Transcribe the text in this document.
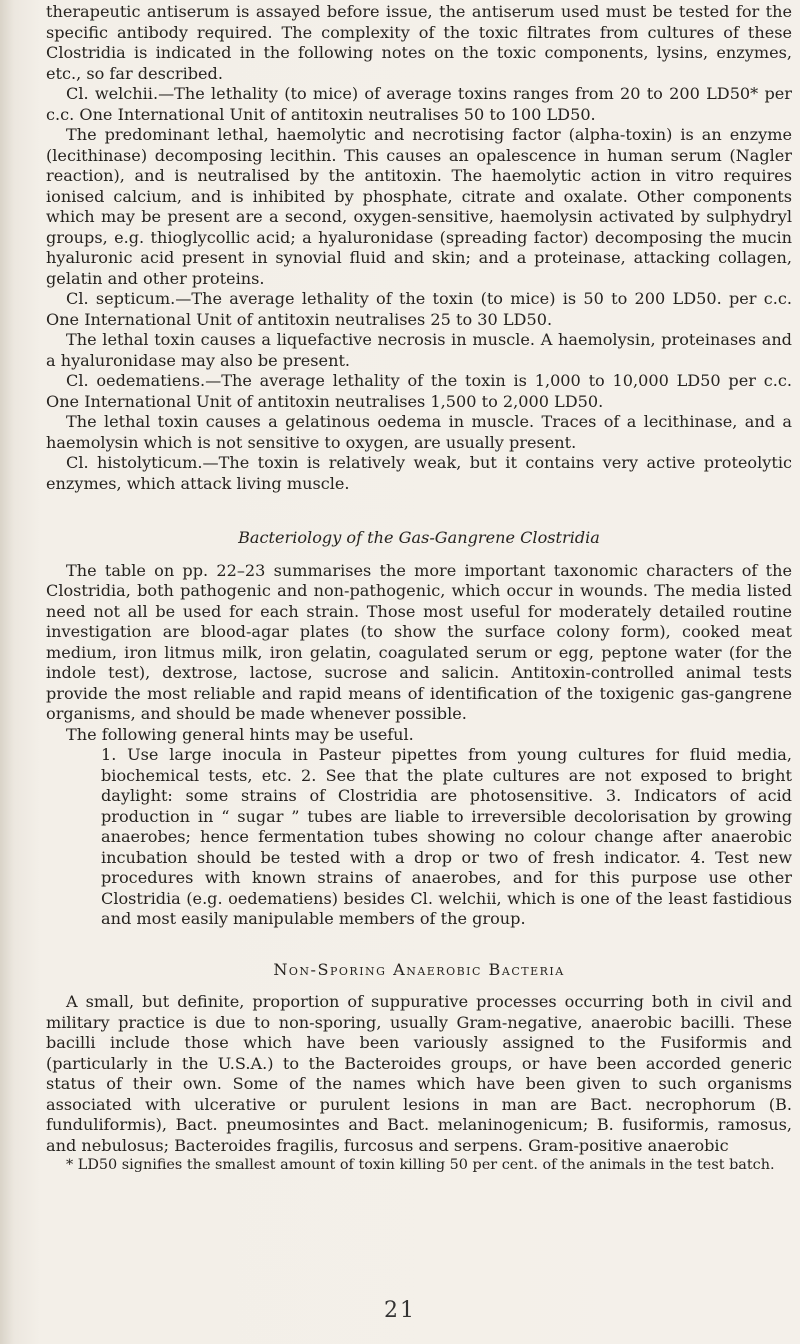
therapeutic antiserum is assayed before issue, the antiserum used must be tested for the specific antibody required. The complexity of the toxic filtrates from cultures of these Clostridia is indicated in the following notes on the toxic components, lysins, enzymes, etc., so far described.

Cl. welchii.—The lethality (to mice) of average toxins ranges from 20 to 200 LD50* per c.c. One International Unit of antitoxin neutralises 50 to 100 LD50.

The predominant lethal, haemolytic and necrotising factor (alpha-toxin) is an enzyme (lecithinase) decomposing lecithin. This causes an opalescence in human serum (Nagler reaction), and is neutralised by the antitoxin. The haemolytic action in vitro requires ionised calcium, and is inhibited by phosphate, citrate and oxalate. Other components which may be present are a second, oxygen-sensitive, haemolysin activated by sulphydryl groups, e.g. thioglycollic acid; a hyaluronidase (spreading factor) decomposing the mucin hyaluronic acid present in synovial fluid and skin; and a proteinase, attacking collagen, gelatin and other proteins.

Cl. septicum.—The average lethality of the toxin (to mice) is 50 to 200 LD50. per c.c. One International Unit of antitoxin neutralises 25 to 30 LD50.

The lethal toxin causes a liquefactive necrosis in muscle. A haemolysin, proteinases and a hyaluronidase may also be present.

Cl. oedematiens.—The average lethality of the toxin is 1,000 to 10,000 LD50 per c.c. One International Unit of antitoxin neutralises 1,500 to 2,000 LD50.

The lethal toxin causes a gelatinous oedema in muscle. Traces of a lecithinase, and a haemolysin which is not sensitive to oxygen, are usually present.

Cl. histolyticum.—The toxin is relatively weak, but it contains very active proteolytic enzymes, which attack living muscle.

Bacteriology of the Gas-Gangrene Clostridia

The table on pp. 22–23 summarises the more important taxonomic characters of the Clostridia, both pathogenic and non-pathogenic, which occur in wounds. The media listed need not all be used for each strain. Those most useful for moderately detailed routine investigation are blood-agar plates (to show the surface colony form), cooked meat medium, iron litmus milk, iron gelatin, coagulated serum or egg, peptone water (for the indole test), dextrose, lactose, sucrose and salicin. Antitoxin-controlled animal tests provide the most reliable and rapid means of identification of the toxigenic gas-gangrene organisms, and should be made whenever possible.

The following general hints may be useful.

1. Use large inocula in Pasteur pipettes from young cultures for fluid media, biochemical tests, etc. 2. See that the plate cultures are not exposed to bright daylight: some strains of Clostridia are photosensitive. 3. Indicators of acid production in “ sugar ” tubes are liable to irreversible decolorisation by growing anaerobes; hence fermentation tubes showing no colour change after anaerobic incubation should be tested with a drop or two of fresh indicator. 4. Test new procedures with known strains of anaerobes, and for this purpose use other Clostridia (e.g. oedematiens) besides Cl. welchii, which is one of the least fastidious and most easily manipulable members of the group.

Non-Sporing Anaerobic Bacteria

A small, but definite, proportion of suppurative processes occurring both in civil and military practice is due to non-sporing, usually Gram-negative, anaerobic bacilli. These bacilli include those which have been variously assigned to the Fusiformis and (particularly in the U.S.A.) to the Bacteroides groups, or have been accorded generic status of their own. Some of the names which have been given to such organisms associated with ulcerative or purulent lesions in man are Bact. necrophorum (B. funduliformis), Bact. pneumosintes and Bact. melaninogenicum; B. fusiformis, ramosus, and nebulosus; Bacteroides fragilis, furcosus and serpens. Gram-positive anaerobic

* LD50 signifies the smallest amount of toxin killing 50 per cent. of the animals in the test batch.

21
